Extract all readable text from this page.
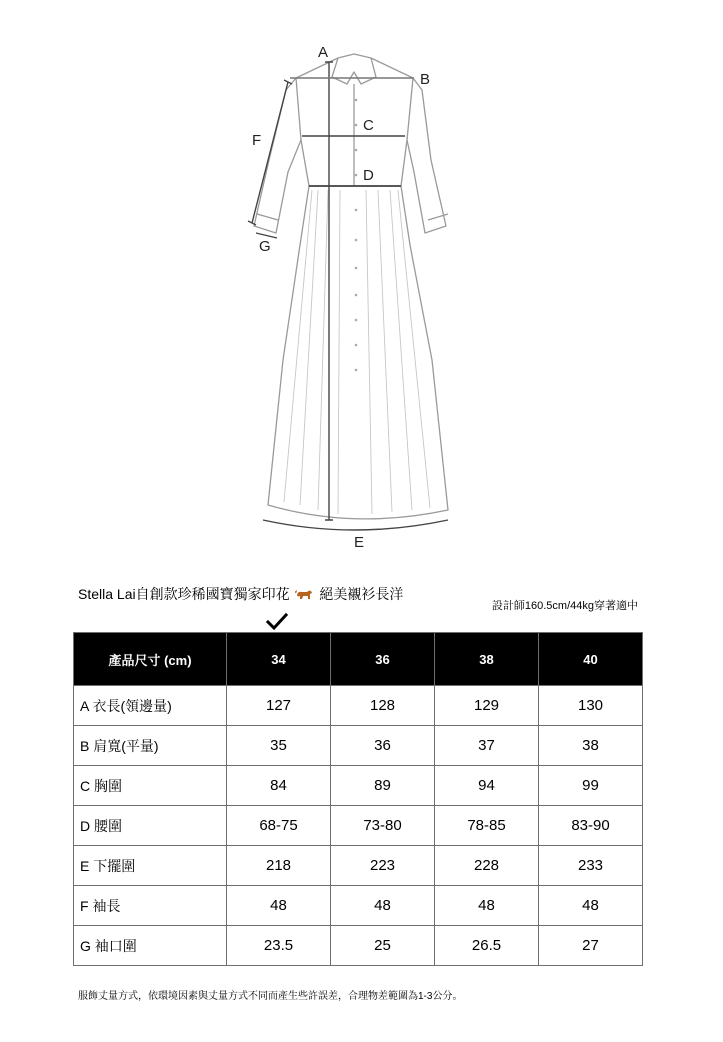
A
B
C
D
E
F
G
Stella Lai自創款珍稀國寶獨家印花 絕美襯衫長洋
設計師160.5cm/44kg穿著適中
產品尺寸 (cm)	34	36	38	40
A 衣長(領邊量)	127	128	129	130
B 肩寬(平量)	35	36	37	38
C 胸圍	84	89	94	99
D 腰圍	68-75	73-80	78-85	83-90
E 下擺圍	218	223	228	233
F 袖長	48	48	48	48
G 袖口圍	23.5	25	26.5	27
服飾丈量方式，依環境因素與丈量方式不同而產生些許誤差，合理物差範圍為1-3公分。
